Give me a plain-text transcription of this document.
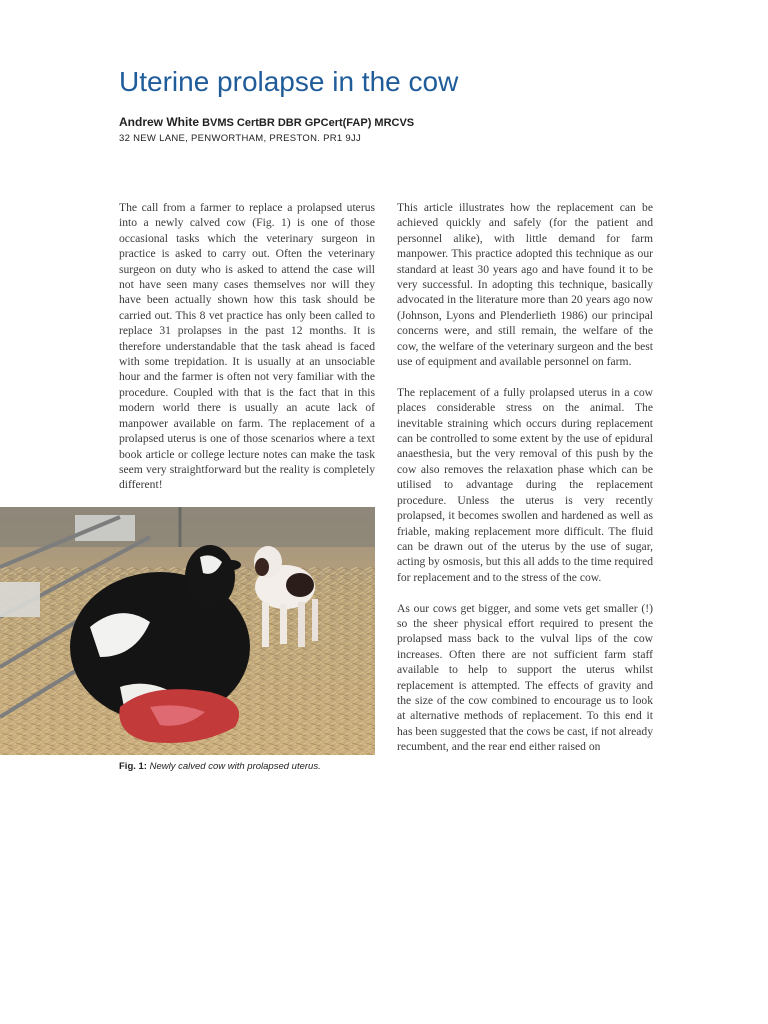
Uterine prolapse in the cow
Andrew White BVMS CertBR DBR GPCert(FAP) MRCVS
32 NEW LANE, PENWORTHAM, PRESTON. PR1 9JJ

The call from a farmer to replace a prolapsed uterus into a newly calved cow (Fig. 1) is one of those occasional tasks which the veterinary surgeon in practice is asked to carry out. Often the veterinary surgeon on duty who is asked to attend the case will not have seen many cases themselves nor will they have been actually shown how this task should be carried out. This 8 vet practice has only been called to replace 31 prolapses in the past 12 months. It is therefore understandable that the task ahead is faced with some trepidation. It is usually at an unsociable hour and the farmer is often not very familiar with the procedure. Coupled with that is the fact that in this modern world there is usually an acute lack of manpower available on farm. The replacement of a prolapsed uterus is one of those scenarios where a text book article or college lecture notes can make the task seem very straightforward but the reality is completely different!

This article illustrates how the replacement can be achieved quickly and safely (for the patient and personnel alike), with little demand for farm manpower. This practice adopted this technique as our standard at least 30 years ago and have found it to be very successful. In adopting this technique, basically advocated in the literature more than 20 years ago now (Johnson, Lyons and Plenderlieth 1986) our principal concerns were, and still remain, the welfare of the cow, the welfare of the veterinary surgeon and the best use of equipment and available personnel on farm.

The replacement of a fully prolapsed uterus in a cow places considerable stress on the animal. The inevitable straining which occurs during replacement can be controlled to some extent by the use of epidural anaesthesia, but the very removal of this push by the cow also removes the relaxation phase which can be utilised to advantage during the replacement procedure. Unless the uterus is very recently prolapsed, it becomes swollen and hardened as well as friable, making replacement more difficult. The fluid can be drawn out of the uterus by the use of sugar, acting by osmosis, but this all adds to the time required for replacement and to the stress of the cow.

As our cows get bigger, and some vets get smaller (!) so the sheer physical effort required to present the prolapsed mass back to the vulval lips of the cow increases. Often there are not sufficient farm staff available to help to support the uterus whilst replacement is attempted. The effects of gravity and the size of the cow combined to encourage us to look at alternative methods of replacement. To this end it has been suggested that the cows be cast, if not already recumbent, and the rear end either raised on

Fig. 1: Newly calved cow with prolapsed uterus.
